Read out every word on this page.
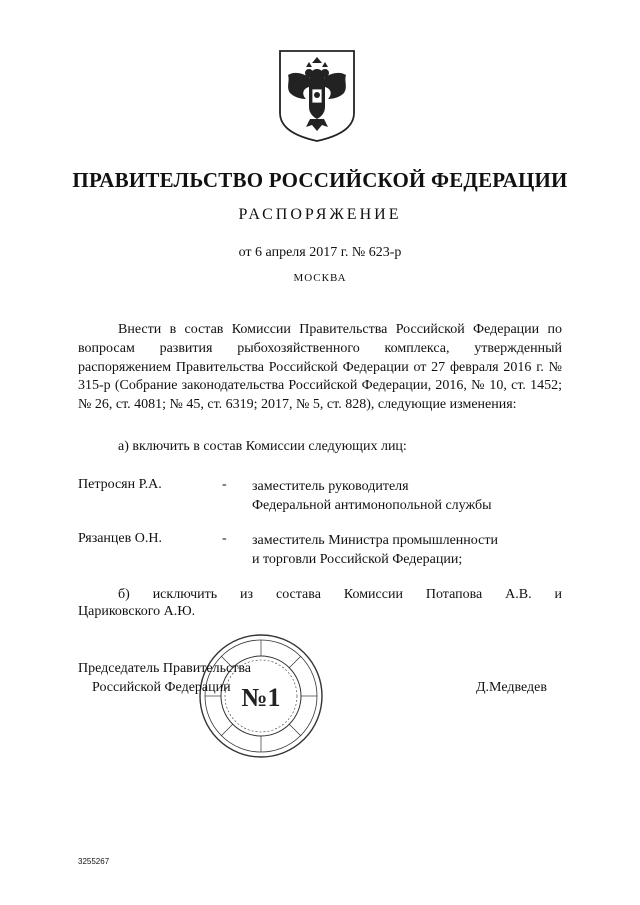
ПРАВИТЕЛЬСТВО РОССИЙСКОЙ ФЕДЕРАЦИИ
РАСПОРЯЖЕНИЕ
от 6 апреля 2017 г. № 623-р
МОСКВА
Внести в состав Комиссии Правительства Российской Федерации по вопросам развития рыбохозяйственного комплекса, утвержденный распоряжением Правительства Российской Федерации от 27 февраля 2016 г. № 315-р (Собрание законодательства Российской Федерации, 2016, № 10, ст. 1452; № 26, ст. 4081; № 45, ст. 6319; 2017, № 5, ст. 828), следующие изменения:
а) включить в состав Комиссии следующих лиц:
Петросян Р.А.	- заместитель руководителя
Федеральной антимонопольной службы
Рязанцев О.Н.	- заместитель Министра промышленности
и торговли Российской Федерации;
б) исключить из состава Комиссии Потапова А.В. и
Цариковского А.Ю.
№1
Председатель Правительства
Российской Федерации	Д.Медведев
3255267
